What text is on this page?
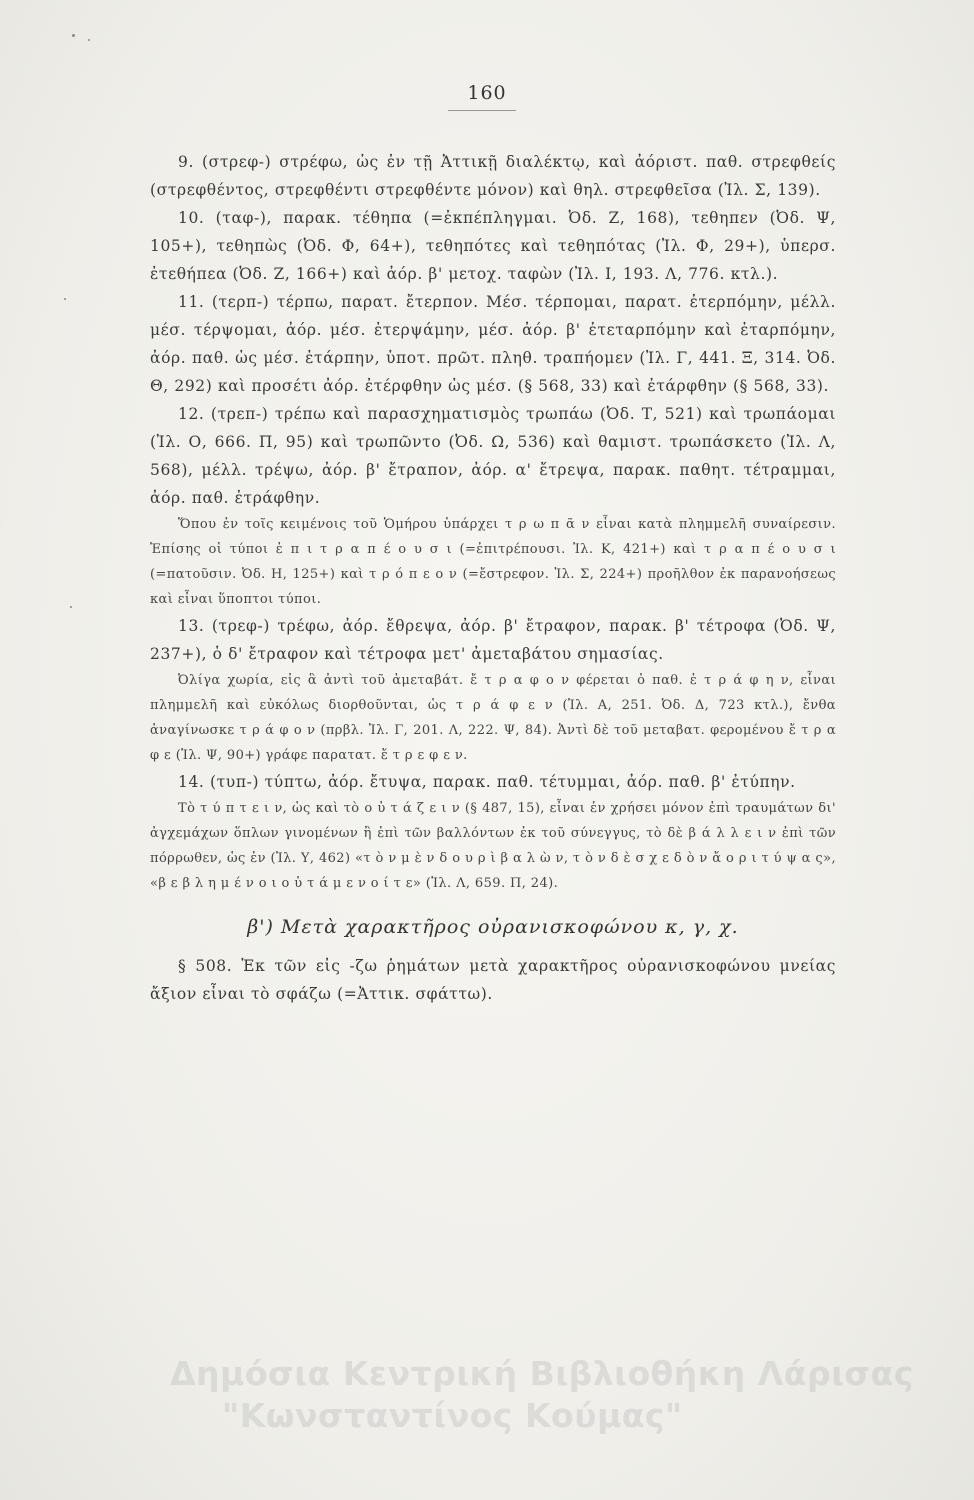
160

9. (στρεφ-) στρέφω, ὡς ἐν τῇ Ἀττικῇ διαλέκτῳ, καὶ ἀόριστ. παθ. στρεφθείς (στρεφθέντος, στρεφθέντι στρεφθέντε μόνον) καὶ θηλ. στρεφθεῖσα (Ἰλ. Σ, 139).

10. (ταφ-), παρακ. τέθηπα (=ἐκπέπληγμαι. Ὀδ. Ζ, 168), τεθηπεν (Ὀδ. Ψ, 105+), τεθηπὼς (Ὀδ. Φ, 64+), τεθηπότες καὶ τεθηπότας (Ἰλ. Φ, 29+), ὑπερσ. ἐτεθήπεα (Ὀδ. Ζ, 166+) καὶ ἀόρ. β' μετοχ. ταφὼν (Ἰλ. Ι, 193. Λ, 776. κτλ.).

11. (τερπ-) τέρπω, παρατ. ἔτερπον. Μέσ. τέρπομαι, παρατ. ἐτερπόμην, μέλλ. μέσ. τέρψομαι, ἀόρ. μέσ. ἐτερψάμην, μέσ. ἀόρ. β' ἐτεταρπόμην καὶ ἐταρπόμην, ἀόρ. παθ. ὡς μέσ. ἐτάρπην, ὑποτ. πρῶτ. πληθ. τραπήομεν (Ἰλ. Γ, 441. Ξ, 314. Ὀδ. Θ, 292) καὶ προσέτι ἀόρ. ἐτέρφθην ὡς μέσ. (§ 568, 33) καὶ ἐτάρφθην (§ 568, 33).

12. (τρεπ-) τρέπω καὶ παρασχηματισμὸς τρωπάω (Ὀδ. Τ, 521) καὶ τρωπάομαι (Ἰλ. Ο, 666. Π, 95) καὶ τρωπῶντο (Ὀδ. Ω, 536) καὶ θαμιστ. τρωπάσκετο (Ἰλ. Λ, 568), μέλλ. τρέψω, ἀόρ. β' ἔτραπον, ἀόρ. α' ἔτρεψα, παρακ. παθητ. τέτραμμαι, ἀόρ. παθ. ἐτράφθην.

Ὅπου ἐν τοῖς κειμένοις τοῦ Ὁμήρου ὑπάρχει τ ρ ω π ᾶ ν εἶναι κατὰ πλημμελῆ συναίρεσιν. Ἐπίσης οἱ τύποι ἐ π ι τ ρ α π έ ο υ σ ι (=ἐπιτρέπουσι. Ἰλ. Κ, 421+) καὶ τ ρ α π έ ο υ σ ι (=πατοῦσιν. Ὀδ. Η, 125+) καὶ τ ρ ό π ε ο ν (=ἔστρεφον. Ἰλ. Σ, 224+) προῆλθον ἐκ παρανοήσεως καὶ εἶναι ὕποπτοι τύποι.

13. (τρεφ-) τρέφω, ἀόρ. ἔθρεψα, ἀόρ. β' ἔτραφον, παρακ. β' τέτροφα (Ὀδ. Ψ, 237+), ὁ δ' ἔτραφον καὶ τέτροφα μετ' ἀμεταβάτου σημασίας.

Ὀλίγα χωρία, εἰς ἃ ἀντὶ τοῦ ἀμεταβάτ. ἔ τ ρ α φ ο ν φέρεται ὁ παθ. ἐ τ ρ ά φ η ν, εἶναι πλημμελῆ καὶ εὐκόλως διορθοῦνται, ὡς τ ρ ά φ ε ν (Ἰλ. Α, 251. Ὀδ. Δ, 723 κτλ.), ἔνθα ἀναγίνωσκε τ ρ ά φ ο ν (πρβλ. Ἰλ. Γ, 201. Λ, 222. Ψ, 84). Ἀντὶ δὲ τοῦ μεταβατ. φερομένου ἔ τ ρ α φ ε (Ἰλ. Ψ, 90+) γράφε παρατατ. ἔ τ ρ ε φ ε ν.

14. (τυπ-) τύπτω, ἀόρ. ἔτυψα, παρακ. παθ. τέτυμμαι, ἀόρ. παθ. β' ἐτύπην.

Τὸ τ ύ π τ ε ι ν, ὡς καὶ τὸ ο ὐ τ ά ζ ε ι ν (§ 487, 15), εἶναι ἐν χρήσει μόνον ἐπὶ τραυμάτων δι' ἀγχεμάχων ὅπλων γινομένων ἢ ἐπὶ τῶν βαλλόντων ἐκ τοῦ σύνεγγυς, τὸ δὲ β ά λ λ ε ι ν ἐπὶ τῶν πόρρωθεν, ὡς ἐν (Ἰλ. Υ, 462) «τ ὸ ν μ ὲ ν δ ο υ ρ ὶ β α λ ὼ ν, τ ὸ ν δ ὲ σ χ ε δ ὸ ν ἄ ο ρ ι τ ύ ψ α ς», «β ε β λ η μ έ ν ο ι ο ὐ τ ά μ ε ν ο ί τ ε» (Ἰλ. Λ, 659. Π, 24).

β') Μετὰ χαρακτῆρος οὐρανισκοφώνου κ, γ, χ.

§ 508. Ἐκ τῶν εἰς -ζω ῥημάτων μετὰ χαρακτῆρος οὐρανισκοφώνου μνείας ἄξιον εἶναι τὸ σφάζω (=Ἀττικ. σφάττω).

Δημόσια Κεντρική Βιβλιοθήκη Λάρισας
"Κωνσταντίνος Κούμας"
